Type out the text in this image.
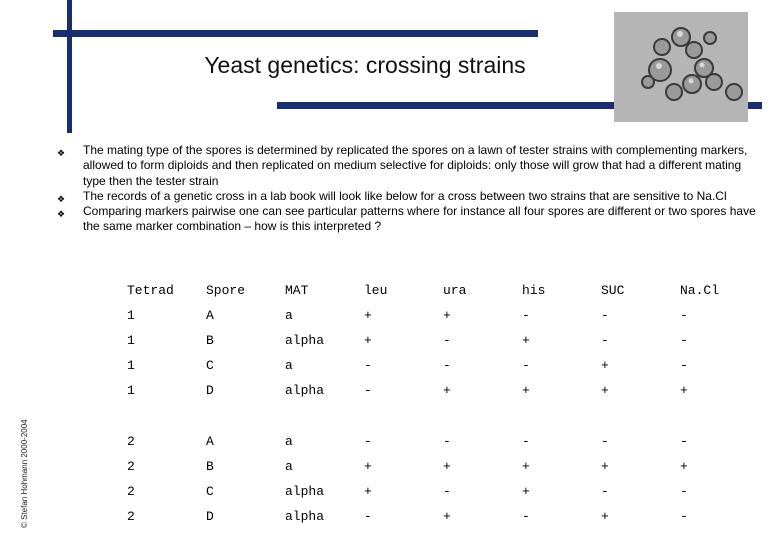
Yeast genetics: crossing strains
© Stefan Hohmann 2000-2004
❖ The mating type of the spores is determined by replicated the spores on a lawn of tester strains with complementing markers, allowed to form diploids and then replicated on medium selective for diploids: only those will grow that had a different mating type then the tester strain
❖ The records of a genetic cross in a lab book will look like below for a cross between two strains that are sensitive to Na.Cl
❖ Comparing markers pairwise one can see particular patterns where for instance all four spores are different or two spores have the same marker combination – how is this interpreted ?
Tetrad	Spore	MAT	leu	ura	his	SUC	Na.Cl
1	A	a	+	+	-	-	-
1	B	alpha	+	-	+	-	-
1	C	a	-	-	-	+	-
1	D	alpha	-	+	+	+	+
2	A	a	-	-	-	-	-
2	B	a	+	+	+	+	+
2	C	alpha	+	-	+	-	-
2	D	alpha	-	+	-	+	-
